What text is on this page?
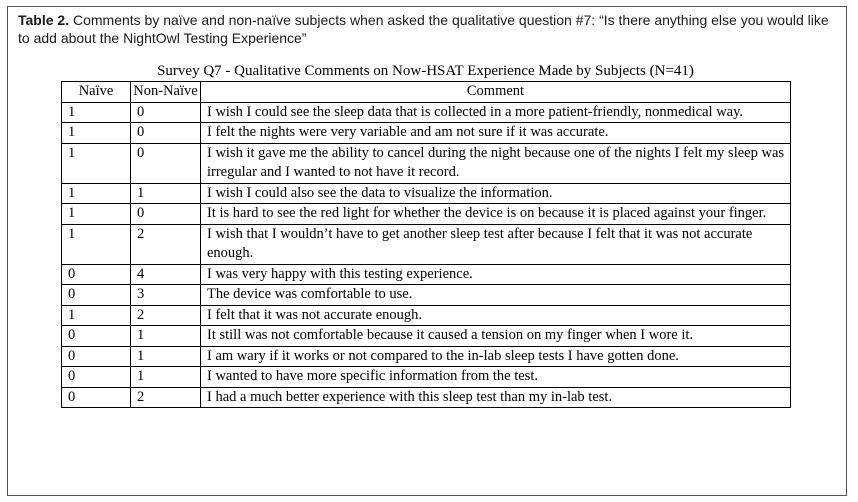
Table 2. Comments by naïve and non-naïve subjects when asked the qualitative question #7: “Is there anything else you would like to add about the NightOwl Testing Experience”
Survey Q7 - Qualitative Comments on Now-HSAT Experience Made by Subjects (N=41)
Naïve	Non-Naïve	Comment
1	0	I wish I could see the sleep data that is collected in a more patient-friendly, nonmedical way.
1	0	I felt the nights were very variable and am not sure if it was accurate.
1	0	I wish it gave me the ability to cancel during the night because one of the nights I felt my sleep was irregular and I wanted to not have it record.
1	1	I wish I could also see the data to visualize the information.
1	0	It is hard to see the red light for whether the device is on because it is placed against your finger.
1	2	I wish that I wouldn’t have to get another sleep test after because I felt that it was not accurate enough.
0	4	I was very happy with this testing experience.
0	3	The device was comfortable to use.
1	2	I felt that it was not accurate enough.
0	1	It still was not comfortable because it caused a tension on my finger when I wore it.
0	1	I am wary if it works or not compared to the in-lab sleep tests I have gotten done.
0	1	I wanted to have more specific information from the test.
0	2	I had a much better experience with this sleep test than my in-lab test.
